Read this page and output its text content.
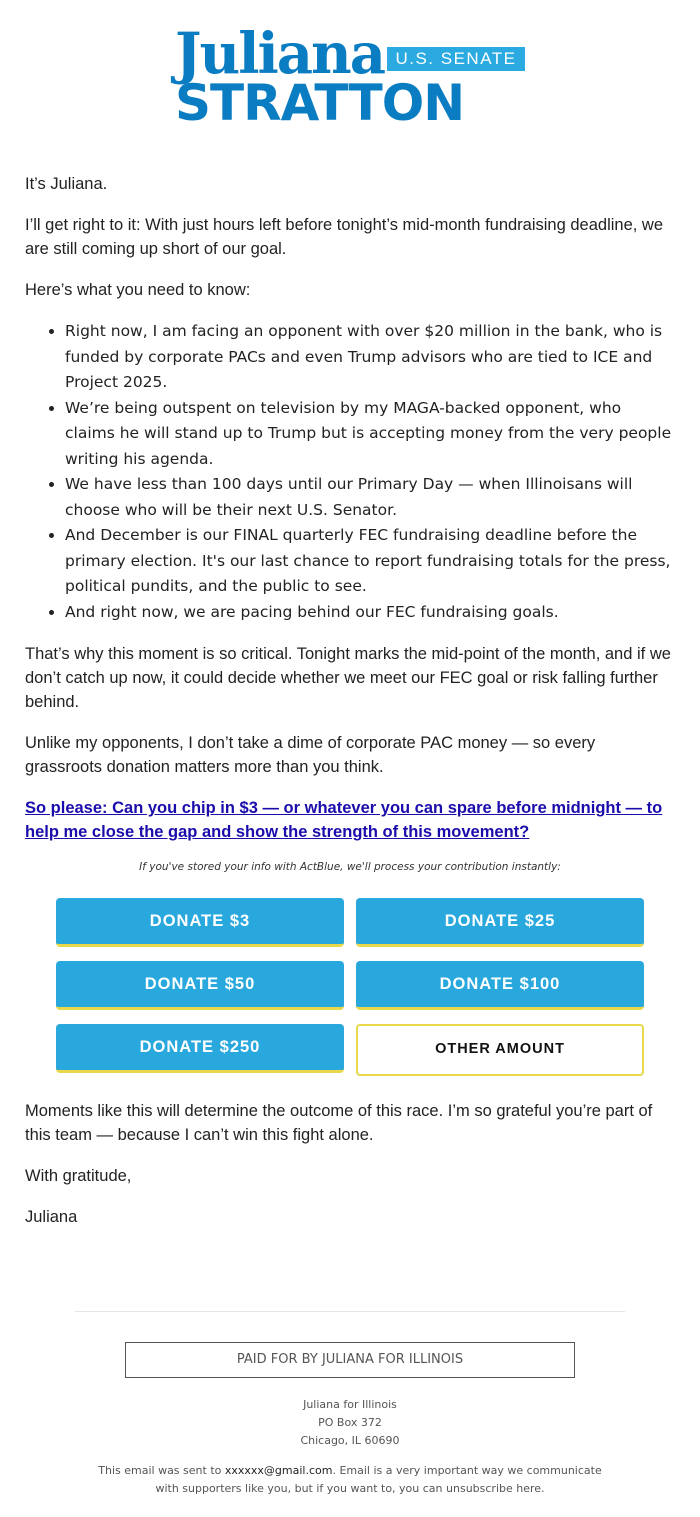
Juliana U.S. SENATE
STRATTON

It’s Juliana.

I’ll get right to it: With just hours left before tonight’s mid-month fundraising deadline, we are still coming up short of our goal.

Here’s what you need to know:

• Right now, I am facing an opponent with over $20 million in the bank, who is funded by corporate PACs and even Trump advisors who are tied to ICE and Project 2025.
• We’re being outspent on television by my MAGA-backed opponent, who claims he will stand up to Trump but is accepting money from the very people writing his agenda.
• We have less than 100 days until our Primary Day — when Illinoisans will choose who will be their next U.S. Senator.
• And December is our FINAL quarterly FEC fundraising deadline before the primary election. It's our last chance to report fundraising totals for the press, political pundits, and the public to see.
• And right now, we are pacing behind our FEC fundraising goals.

That’s why this moment is so critical. Tonight marks the mid-point of the month, and if we don’t catch up now, it could decide whether we meet our FEC goal or risk falling further behind.

Unlike my opponents, I don’t take a dime of corporate PAC money — so every grassroots donation matters more than you think.

So please: Can you chip in $3 — or whatever you can spare before midnight — to help me close the gap and show the strength of this movement?

If you've stored your info with ActBlue, we'll process your contribution instantly:

DONATE $3	DONATE $25
DONATE $50	DONATE $100
DONATE $250	OTHER AMOUNT

Moments like this will determine the outcome of this race. I’m so grateful you’re part of this team — because I can’t win this fight alone.

With gratitude,

Juliana

PAID FOR BY JULIANA FOR ILLINOIS
Juliana for Illinois
PO Box 372
Chicago, IL 60690
This email was sent to xxxxxx@gmail.com. Email is a very important way we communicate with supporters like you, but if you want to, you can unsubscribe here.
